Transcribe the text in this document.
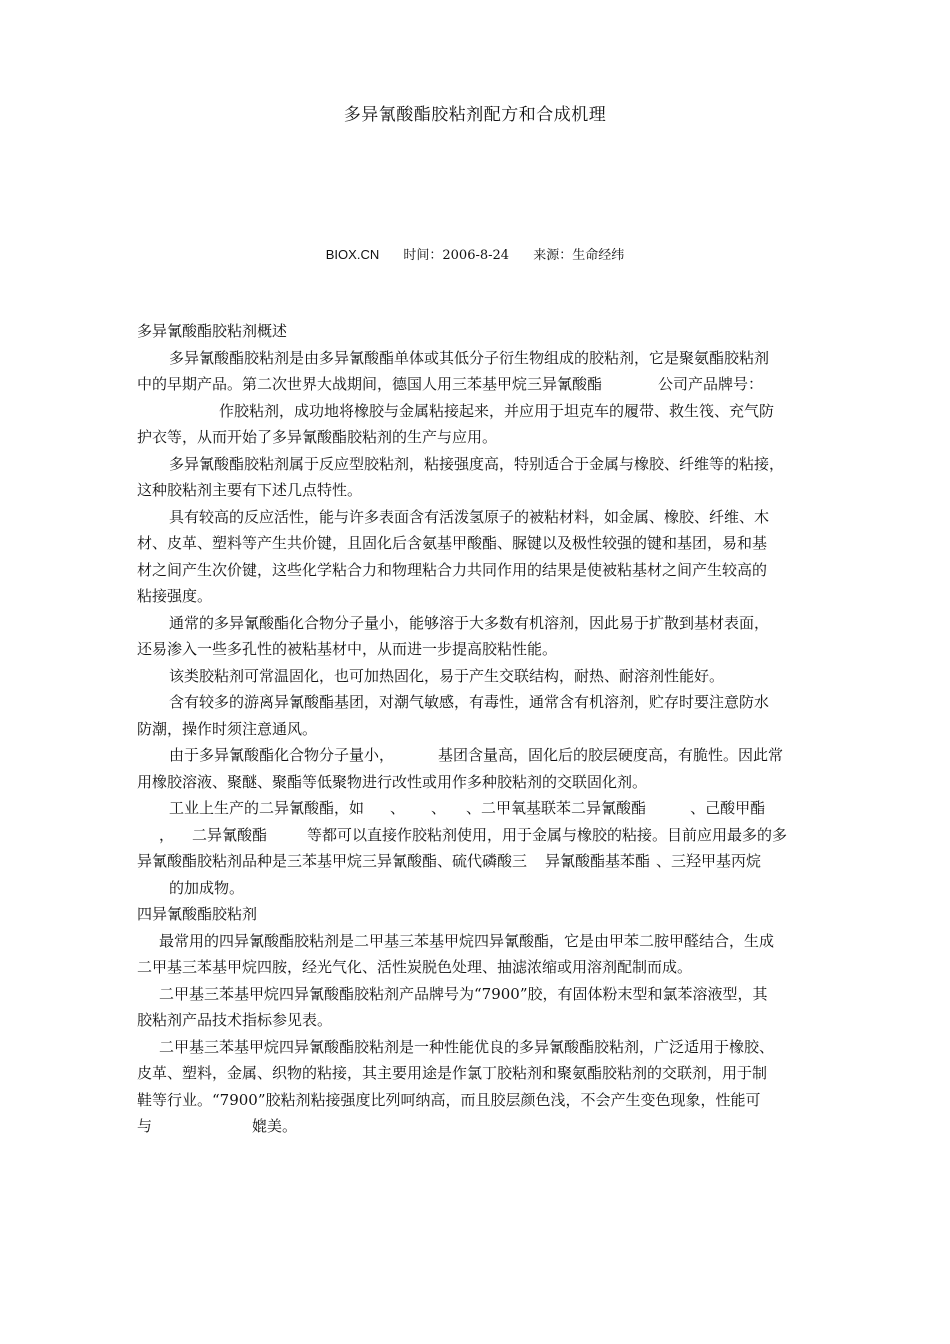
多异氰酸酯胶粘剂配方和合成机理
BIOX.CN 时间：2006-8-24 来源：生命经纬

多异氰酸酯胶粘剂概述

多异氰酸酯胶粘剂是由多异氰酸酯单体或其低分子衍生物组成的胶粘剂，它是聚氨酯胶粘剂
中的早期产品。第二次世界大战期间，德国人用三苯基甲烷三异氰酸酯	公司产品牌号：
作胶粘剂，成功地将橡胶与金属粘接起来，并应用于坦克车的履带、救生筏、充气防
护衣等，从而开始了多异氰酸酯胶粘剂的生产与应用。

多异氰酸酯胶粘剂属于反应型胶粘剂，粘接强度高，特别适合于金属与橡胶、纤维等的粘接，
这种胶粘剂主要有下述几点特性。

具有较高的反应活性，能与许多表面含有活泼氢原子的被粘材料，如金属、橡胶、纤维、木
材、皮革、塑料等产生共价键，且固化后含氨基甲酸酯、脲键以及极性较强的键和基团，易和基
材之间产生次价键，这些化学粘合力和物理粘合力共同作用的结果是使被粘基材之间产生较高的
粘接强度。

通常的多异氰酸酯化合物分子量小，能够溶于大多数有机溶剂，因此易于扩散到基材表面，
还易渗入一些多孔性的被粘基材中，从而进一步提高胶粘性能。

该类胶粘剂可常温固化，也可加热固化，易于产生交联结构，耐热、耐溶剂性能好。

含有较多的游离异氰酸酯基团，对潮气敏感，有毒性，通常含有机溶剂，贮存时要注意防水
防潮，操作时须注意通风。

由于多异氰酸酯化合物分子量小，	基团含量高，固化后的胶层硬度高，有脆性。因此常
用橡胶溶液、聚醚、聚酯等低聚物进行改性或用作多种胶粘剂的交联固化剂。

工业上生产的二异氰酸酯，如 、 、 、二甲氧基联苯二异氰酸酯	、己酸甲酯
， 二异氰酸酯	等都可以直接作胶粘剂使用，用于金属与橡胶的粘接。目前应用最多的多
异氰酸酯胶粘剂品种是三苯基甲烷三异氰酸酯、硫代磷酸三 异氰酸酯基苯酯 、三羟甲基丙烷
的加成物。

四异氰酸酯胶粘剂

最常用的四异氰酸酯胶粘剂是二甲基三苯基甲烷四异氰酸酯，它是由甲苯二胺甲醛结合，生成
二甲基三苯基甲烷四胺，经光气化、活性炭脱色处理、抽滤浓缩或用溶剂配制而成。

二甲基三苯基甲烷四异氰酸酯胶粘剂产品牌号为“7900”胶，有固体粉末型和氯苯溶液型，其
胶粘剂产品技术指标参见表。

二甲基三苯基甲烷四异氰酸酯胶粘剂是一种性能优良的多异氰酸酯胶粘剂，广泛适用于橡胶、
皮革、塑料，金属、织物的粘接，其主要用途是作氯丁胶粘剂和聚氨酯胶粘剂的交联剂，用于制
鞋等行业。“7900”胶粘剂粘接强度比列呵纳高，而且胶层颜色浅，不会产生变色现象，性能可
与	媲美。
